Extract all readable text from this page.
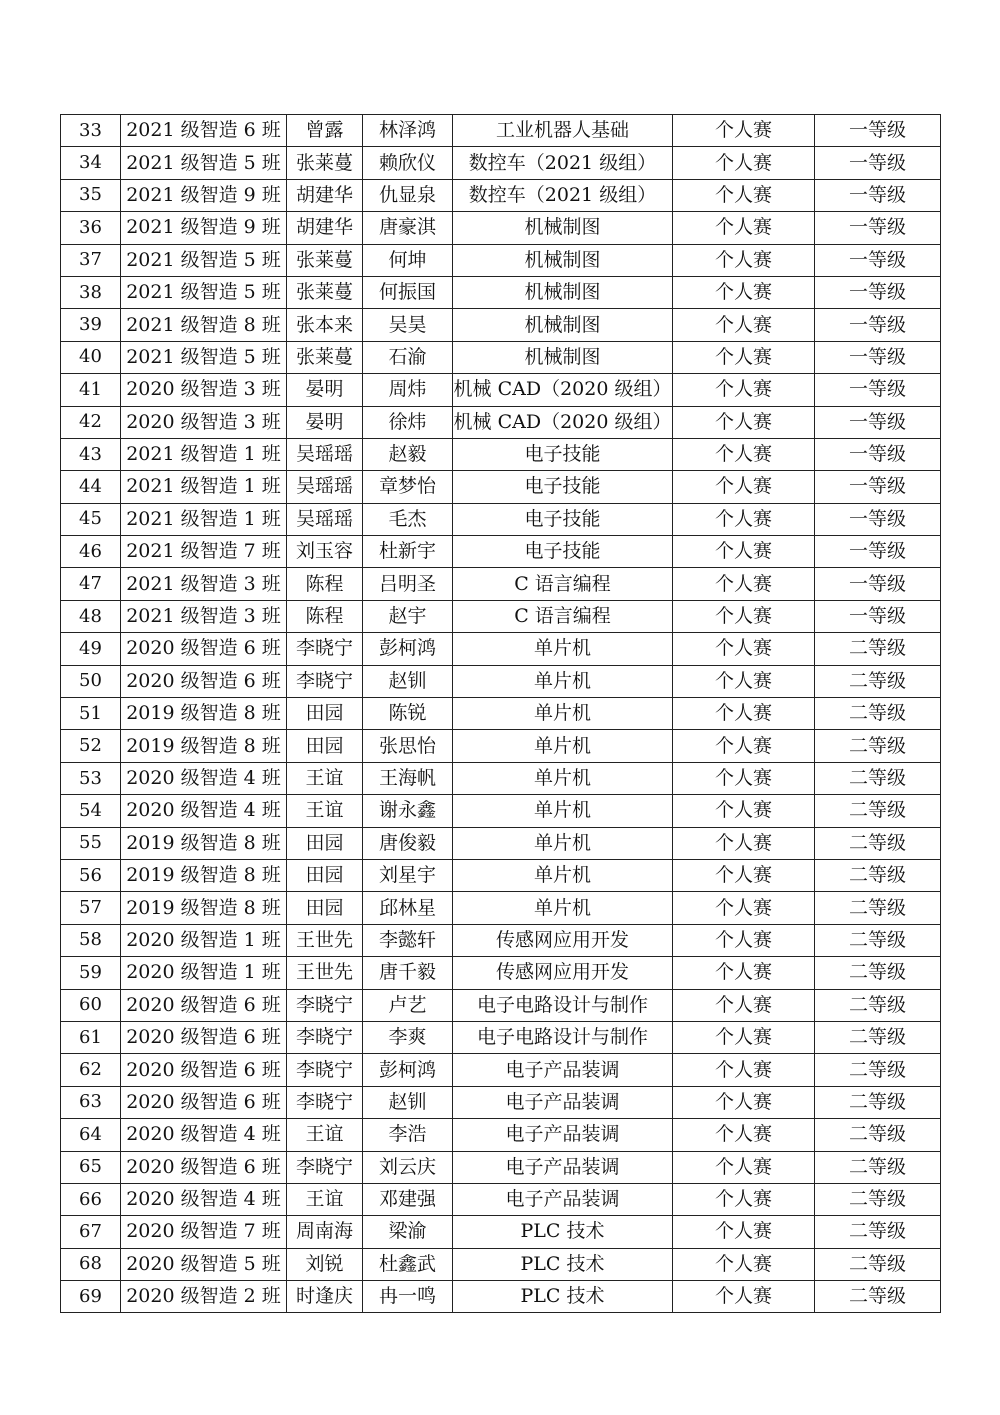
33	2021 级智造 6 班	曾露	林泽鸿	工业机器人基础	个人赛	一等级
34	2021 级智造 5 班	张莱蔓	赖欣仪	数控车（2021 级组）	个人赛	一等级
35	2021 级智造 9 班	胡建华	仇显泉	数控车（2021 级组）	个人赛	一等级
36	2021 级智造 9 班	胡建华	唐豪淇	机械制图	个人赛	一等级
37	2021 级智造 5 班	张莱蔓	何坤	机械制图	个人赛	一等级
38	2021 级智造 5 班	张莱蔓	何振国	机械制图	个人赛	一等级
39	2021 级智造 8 班	张本来	吴昊	机械制图	个人赛	一等级
40	2021 级智造 5 班	张莱蔓	石渝	机械制图	个人赛	一等级
41	2020 级智造 3 班	晏明	周炜	机械 CAD（2020 级组）	个人赛	一等级
42	2020 级智造 3 班	晏明	徐炜	机械 CAD（2020 级组）	个人赛	一等级
43	2021 级智造 1 班	吴瑶瑶	赵毅	电子技能	个人赛	一等级
44	2021 级智造 1 班	吴瑶瑶	章梦怡	电子技能	个人赛	一等级
45	2021 级智造 1 班	吴瑶瑶	毛杰	电子技能	个人赛	一等级
46	2021 级智造 7 班	刘玉容	杜新宇	电子技能	个人赛	一等级
47	2021 级智造 3 班	陈程	吕明圣	C 语言编程	个人赛	一等级
48	2021 级智造 3 班	陈程	赵宇	C 语言编程	个人赛	一等级
49	2020 级智造 6 班	李晓宁	彭柯鸿	单片机	个人赛	二等级
50	2020 级智造 6 班	李晓宁	赵钏	单片机	个人赛	二等级
51	2019 级智造 8 班	田园	陈锐	单片机	个人赛	二等级
52	2019 级智造 8 班	田园	张思怡	单片机	个人赛	二等级
53	2020 级智造 4 班	王谊	王海帆	单片机	个人赛	二等级
54	2020 级智造 4 班	王谊	谢永鑫	单片机	个人赛	二等级
55	2019 级智造 8 班	田园	唐俊毅	单片机	个人赛	二等级
56	2019 级智造 8 班	田园	刘星宇	单片机	个人赛	二等级
57	2019 级智造 8 班	田园	邱林星	单片机	个人赛	二等级
58	2020 级智造 1 班	王世先	李懿轩	传感网应用开发	个人赛	二等级
59	2020 级智造 1 班	王世先	唐千毅	传感网应用开发	个人赛	二等级
60	2020 级智造 6 班	李晓宁	卢艺	电子电路设计与制作	个人赛	二等级
61	2020 级智造 6 班	李晓宁	李爽	电子电路设计与制作	个人赛	二等级
62	2020 级智造 6 班	李晓宁	彭柯鸿	电子产品装调	个人赛	二等级
63	2020 级智造 6 班	李晓宁	赵钏	电子产品装调	个人赛	二等级
64	2020 级智造 4 班	王谊	李浩	电子产品装调	个人赛	二等级
65	2020 级智造 6 班	李晓宁	刘云庆	电子产品装调	个人赛	二等级
66	2020 级智造 4 班	王谊	邓建强	电子产品装调	个人赛	二等级
67	2020 级智造 7 班	周南海	梁渝	PLC 技术	个人赛	二等级
68	2020 级智造 5 班	刘锐	杜鑫武	PLC 技术	个人赛	二等级
69	2020 级智造 2 班	时逢庆	冉一鸣	PLC 技术	个人赛	二等级
